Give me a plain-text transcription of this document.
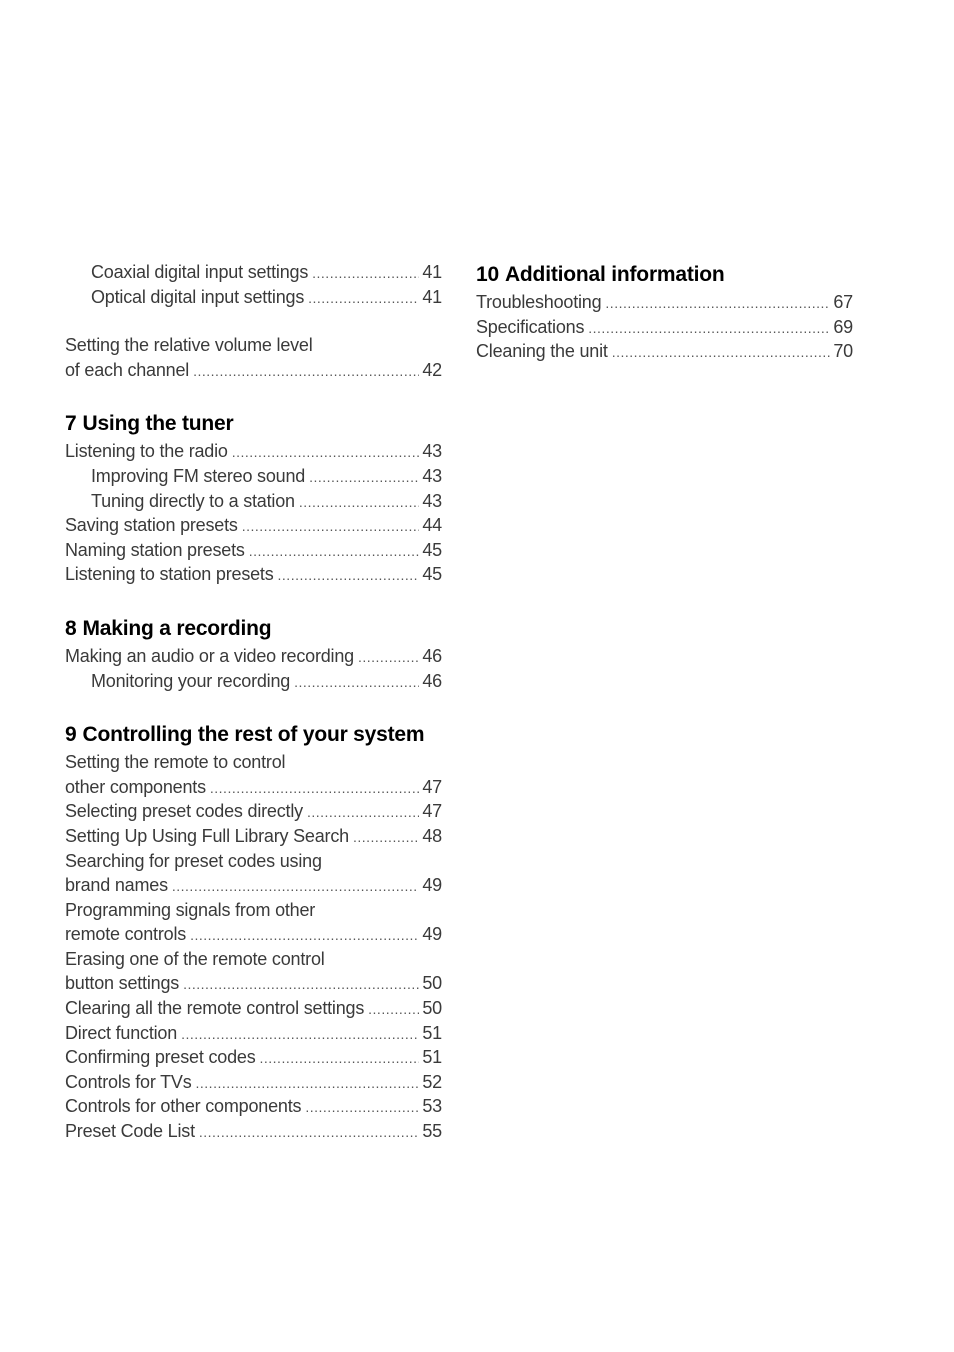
Coaxial digital input settings .....	41
Optical digital input settings .....	41
Setting the relative volume level
of each channel .....	42
7 Using the tuner
Listening to the radio .....	43
Improving FM stereo sound .....	43
Tuning directly to a station .....	43
Saving station presets .....	44
Naming station presets .....	45
Listening to station presets .....	45
8 Making a recording
Making an audio or a video recording .....	46
Monitoring your recording .....	46
9 Controlling the rest of your system
Setting the remote to control
other components .....	47
Selecting preset codes directly .....	47
Setting Up Using Full Library Search .....	48
Searching for preset codes using
brand names .....	49
Programming signals from other
remote controls .....	49
Erasing one of the remote control
button settings .....	50
Clearing all the remote control settings .....	50
Direct function .....	51
Confirming preset codes .....	51
Controls for TVs .....	52
Controls for other components .....	53
Preset Code List .....	55
10 Additional information
Troubleshooting .....	67
Specifications .....	69
Cleaning the unit .....	70
